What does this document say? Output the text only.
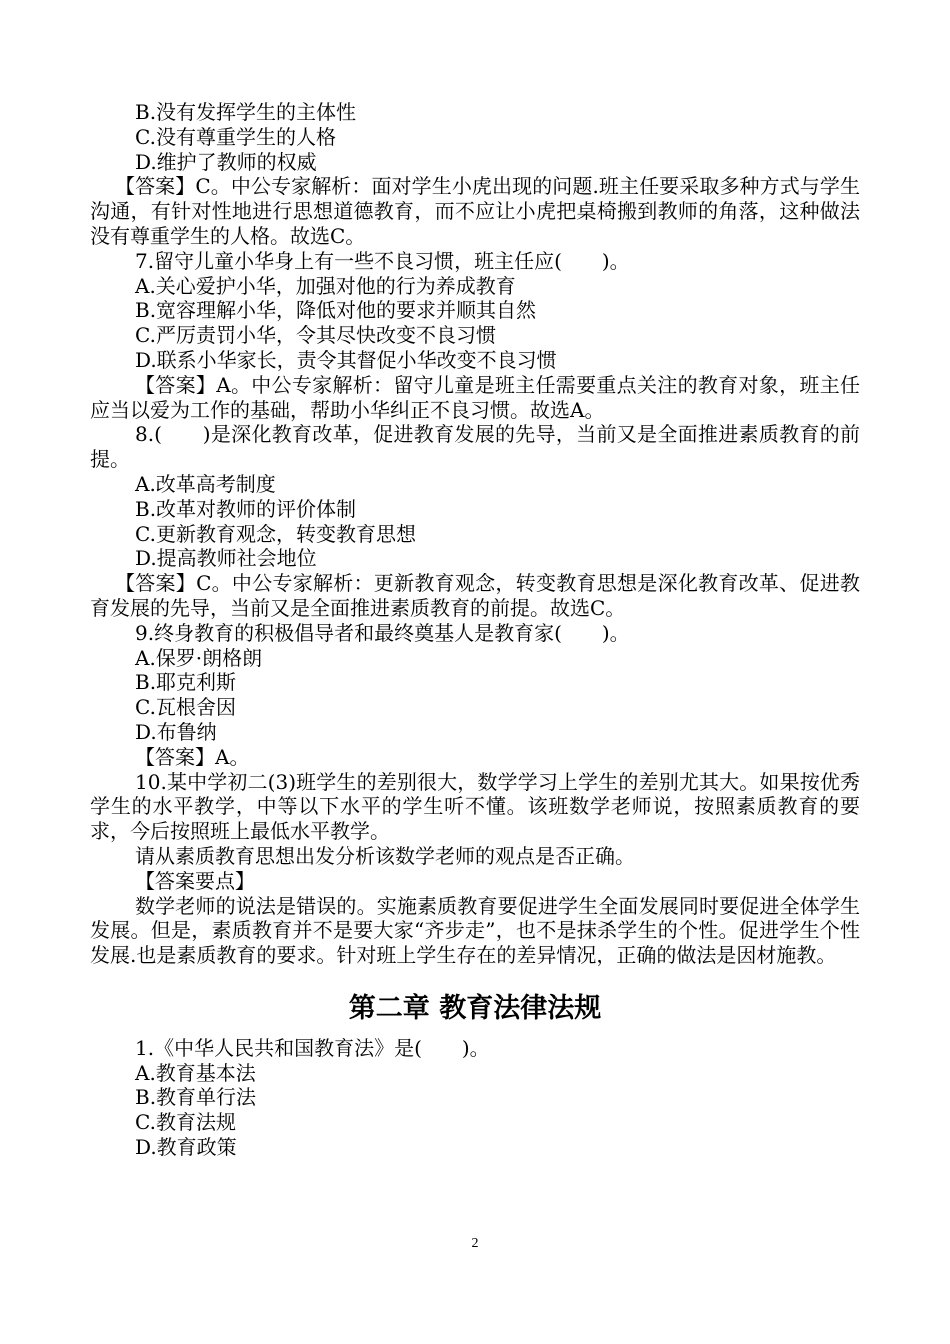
B.没有发挥学生的主体性

C.没有尊重学生的人格

D.维护了教师的权威

【答案】C。中公专家解析：面对学生小虎出现的问题.班主任要采取多种方式与学生沟通，有针对性地进行思想道德教育，而不应让小虎把桌椅搬到教师的角落，这种做法没有尊重学生的人格。故选C。

7.留守儿童小华身上有一些不良习惯，班主任应(　　)。

A.关心爱护小华，加强对他的行为养成教育

B.宽容理解小华，降低对他的要求并顺其自然

C.严厉责罚小华，令其尽快改变不良习惯

D.联系小华家长，责令其督促小华改变不良习惯

【答案】A。中公专家解析：留守儿童是班主任需要重点关注的教育对象，班主任应当以爱为工作的基础，帮助小华纠正不良习惯。故选A。

8.(　　)是深化教育改革，促进教育发展的先导，当前又是全面推进素质教育的前提。

A.改革高考制度

B.改革对教师的评价体制

C.更新教育观念，转变教育思想

D.提高教师社会地位

【答案】C。中公专家解析：更新教育观念，转变教育思想是深化教育改革、促进教育发展的先导，当前又是全面推进素质教育的前提。故选C。

9.终身教育的积极倡导者和最终奠基人是教育家(　　)。

A.保罗·朗格朗

B.耶克利斯

C.瓦根舍因

D.布鲁纳

【答案】A。

10.某中学初二(3)班学生的差别很大，数学学习上学生的差别尤其大。如果按优秀学生的水平教学，中等以下水平的学生听不懂。该班数学老师说，按照素质教育的要求，今后按照班上最低水平教学。

请从素质教育思想出发分析该数学老师的观点是否正确。

【答案要点】

数学老师的说法是错误的。实施素质教育要促进学生全面发展同时要促进全体学生发展。但是，素质教育并不是要大家“齐步走”，也不是抹杀学生的个性。促进学生个性发展.也是素质教育的要求。针对班上学生存在的差异情况，正确的做法是因材施教。

第二章 教育法律法规

1.《中华人民共和国教育法》是(　　)。

A.教育基本法

B.教育单行法

C.教育法规

D.教育政策

2
